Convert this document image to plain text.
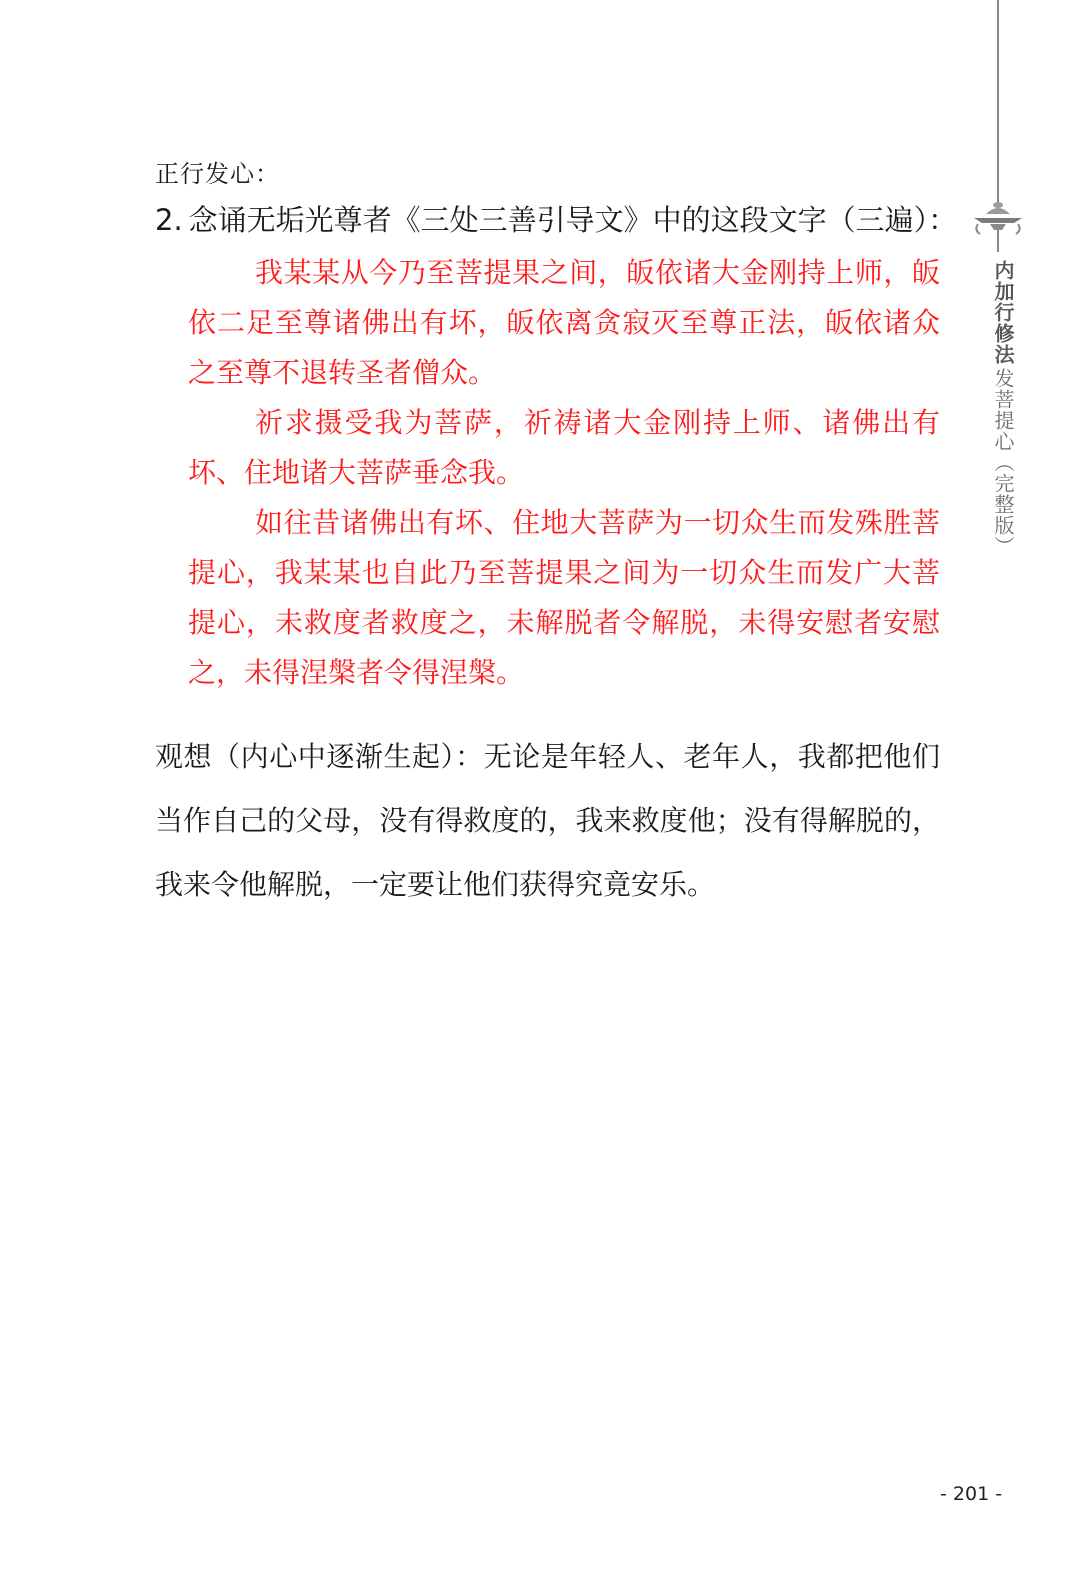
正行发心：
2. 念诵无垢光尊者《三处三善引导文》中的这段文字（三遍）：

我某某从今乃至菩提果之间，皈依诸大金刚持上师，皈依二足至尊诸佛出有坏，皈依离贪寂灭至尊正法，皈依诸众之至尊不退转圣者僧众。

祈求摄受我为菩萨，祈祷诸大金刚持上师、诸佛出有坏、住地诸大菩萨垂念我。

如往昔诸佛出有坏、住地大菩萨为一切众生而发殊胜菩提心，我某某也自此乃至菩提果之间为一切众生而发广大菩提心，未救度者救度之，未解脱者令解脱，未得安慰者安慰之，未得涅槃者令得涅槃。

观想（内心中逐渐生起）：无论是年轻人、老年人，我都把他们当作自己的父母，没有得救度的，我来救度他；没有得解脱的，我来令他解脱，一定要让他们获得究竟安乐。
内加行修法
发菩提心（完整版）
- 201 -
